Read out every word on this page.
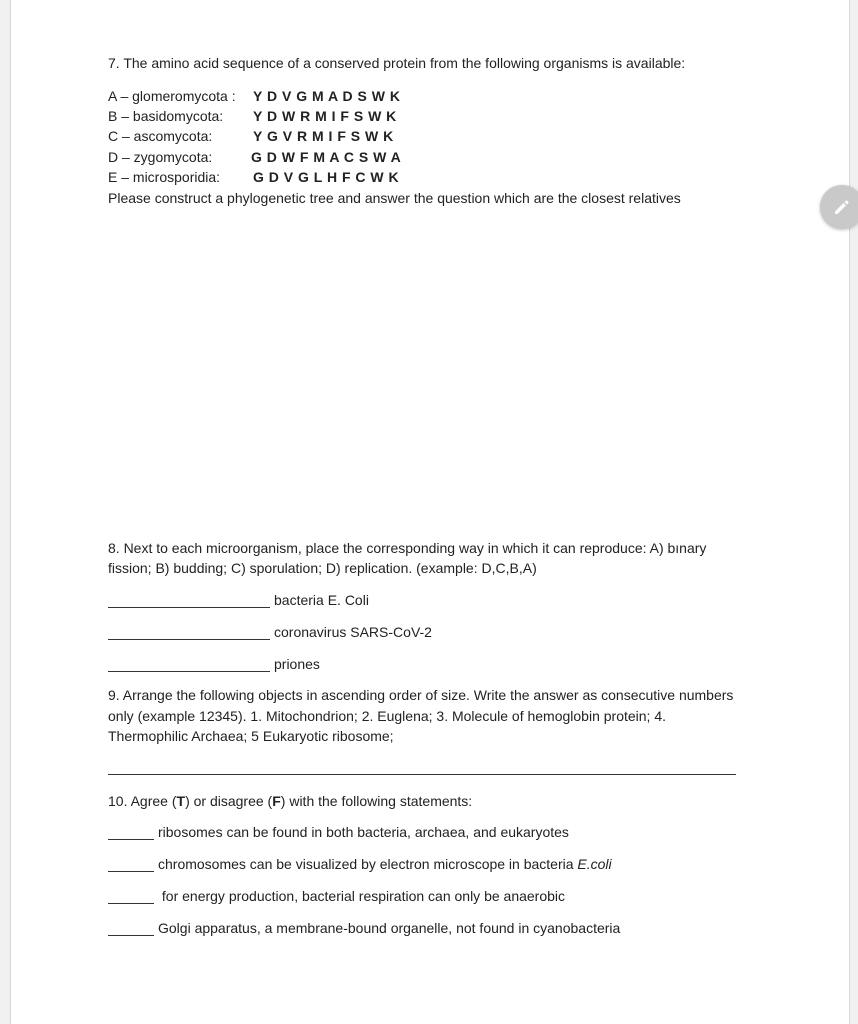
7. The amino acid sequence of a conserved protein from the following organisms is available:
A – glomeromycota : Y D V G M A D S W K
B – basidomycota: Y D W R M I F S W K
C – ascomycota:	Y G V R M I F S W K
D – zygomycota:	G D W F M A C S W A
E – microsporidia: G D V G L H F C W K
Please construct a phylogenetic tree and answer the question which are the closest relatives
8. Next to each microorganism, place the corresponding way in which it can reproduce: A) bınary
fission; B) budding; C) sporulation; D) replication. (example: D,C,B,A)
bacteria E. Coli
coronavirus SARS-CoV-2
priones
9. Arrange the following objects in ascending order of size. Write the answer as consecutive numbers
only (example 12345). 1. Mitochondrion; 2. Euglena; 3. Molecule of hemoglobin protein; 4.
Thermophilic Archaea; 5 Eukaryotic ribosome;
10. Agree (T) or disagree (F) with the following statements:
ribosomes can be found in both bacteria, archaea, and eukaryotes
chromosomes can be visualized by electron microscope in bacteria E.coli
for energy production, bacterial respiration can only be anaerobic
Golgi apparatus, a membrane-bound organelle, not found in cyanobacteria
